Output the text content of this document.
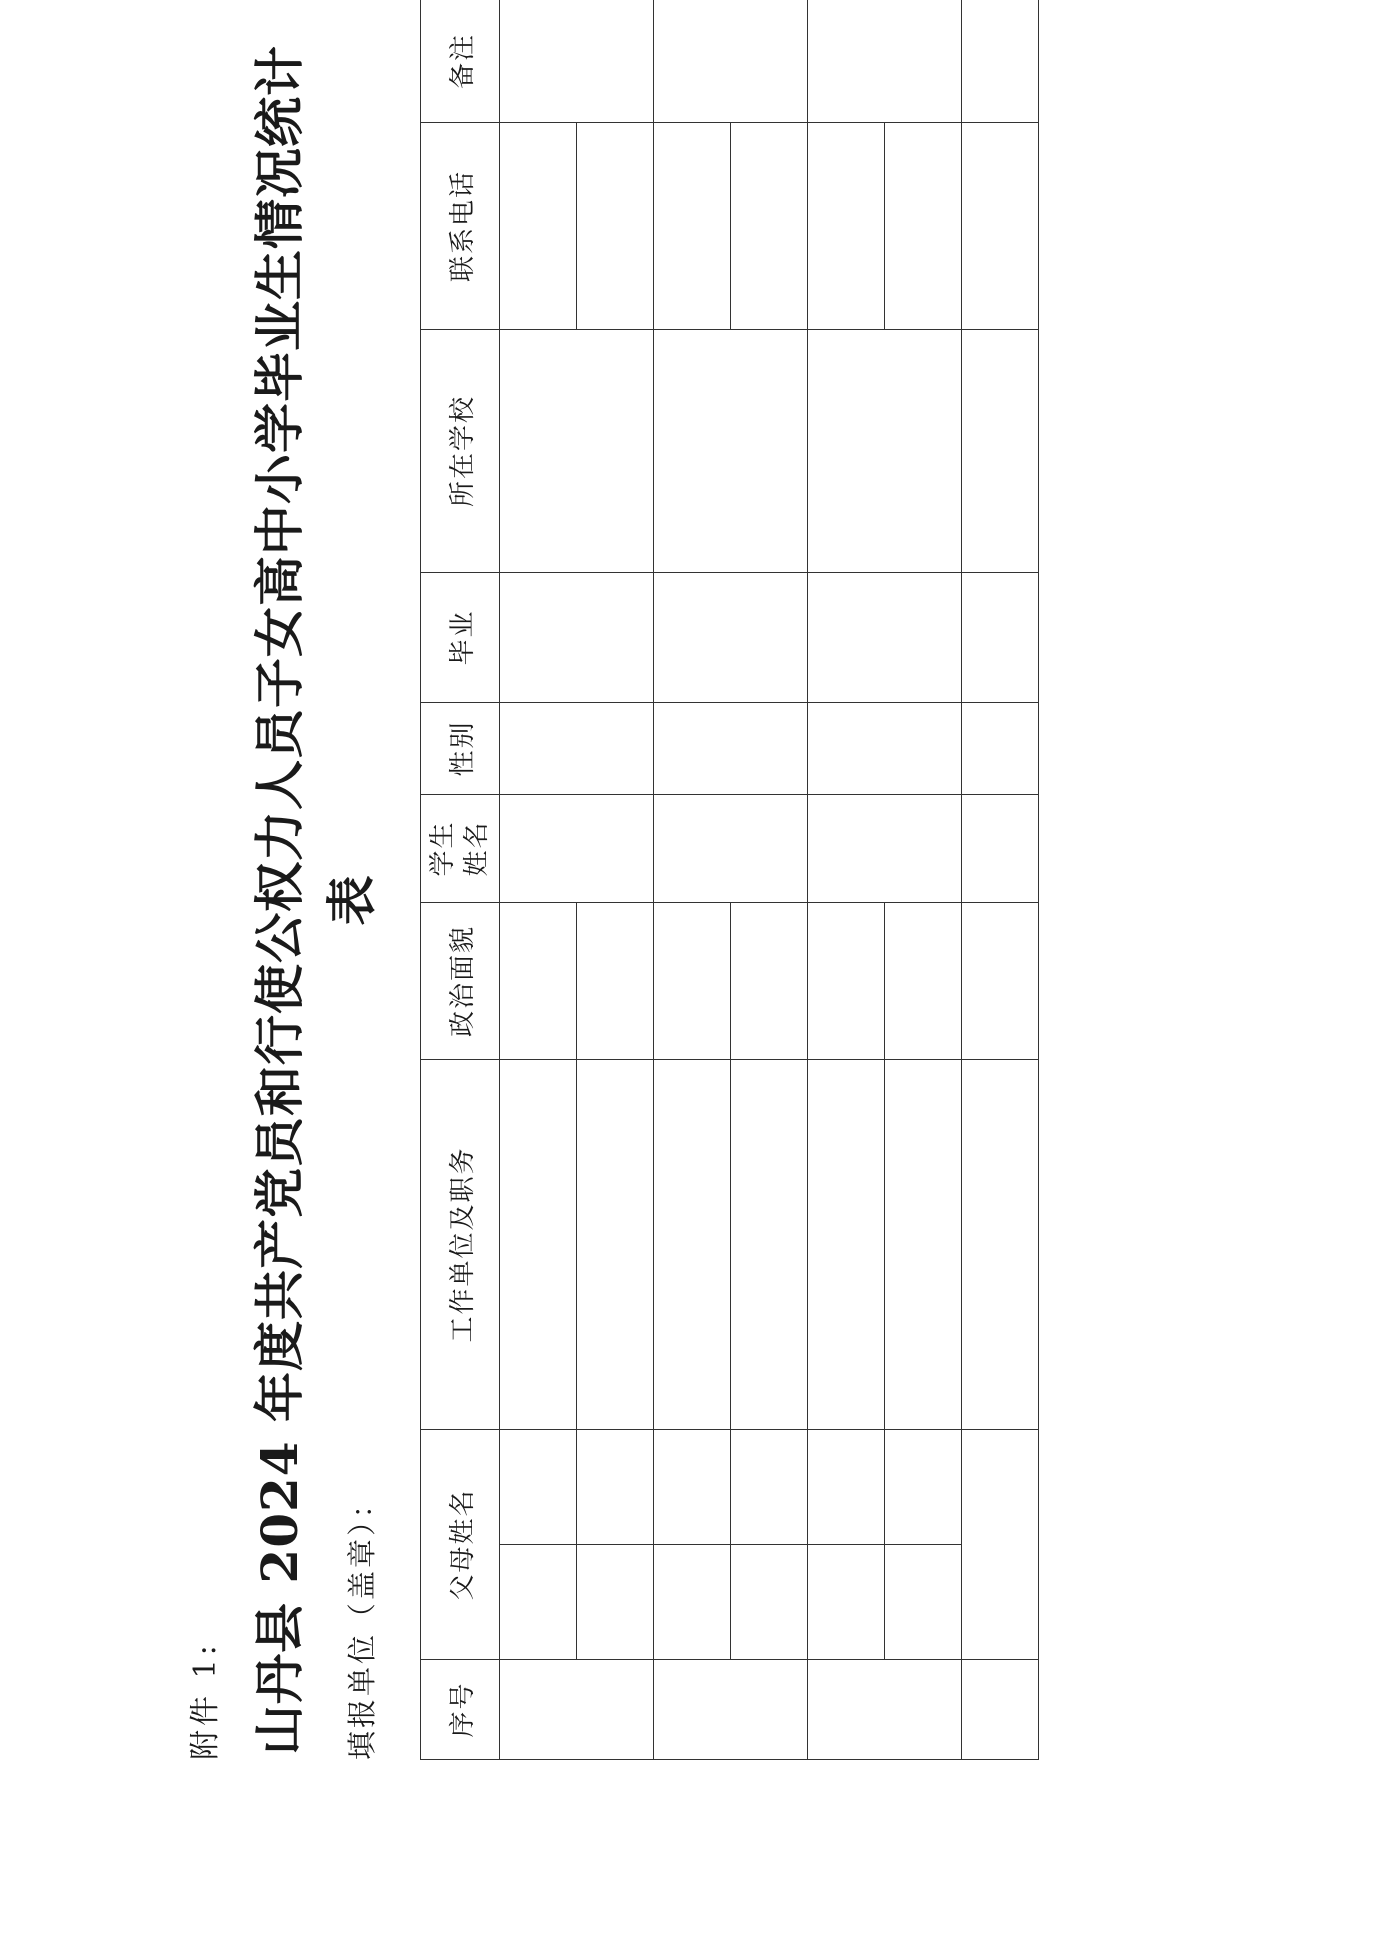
附件 1: 山丹县 2024 年度共产党员和行使公权力人员子女高中小学毕业生情况统计表
填报单位（盖章）：	序号	父母姓名		工作单位及职务	政治面貌	学生 姓名	性别	毕业	所在学校	联系电话	备注
